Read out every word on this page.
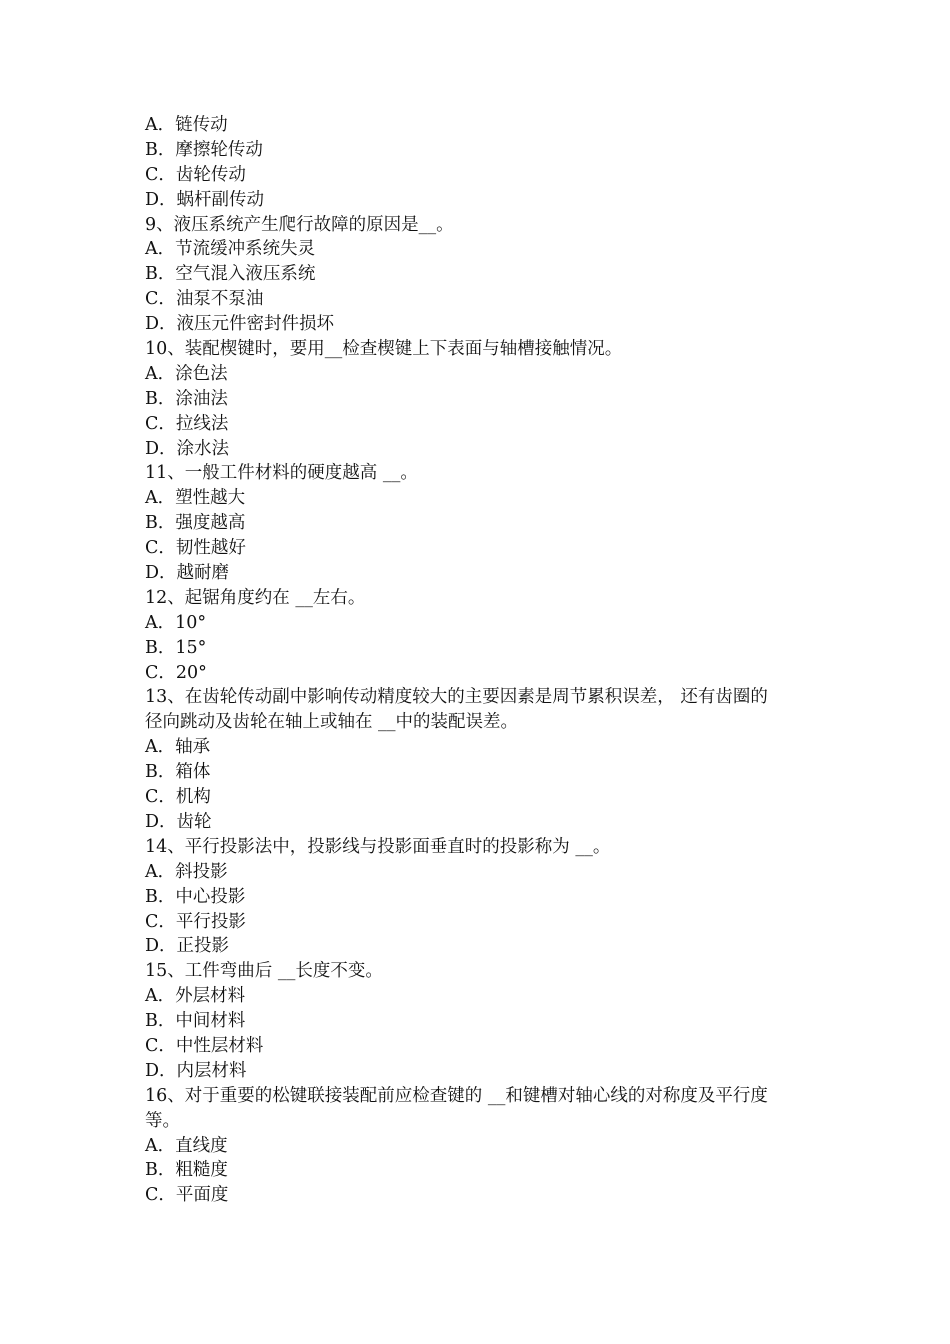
A．链传动
B．摩擦轮传动
C．齿轮传动
D．蜗杆副传动
9、液压系统产生爬行故障的原因是__。
A．节流缓冲系统失灵
B．空气混入液压系统
C．油泵不泵油
D．液压元件密封件损坏
10、装配楔键时，要用__检查楔键上下表面与轴槽接触情况。
A．涂色法
B．涂油法
C．拉线法
D．涂水法
11、一般工件材料的硬度越高 __。
A．塑性越大
B．强度越高
C．韧性越好
D．越耐磨
12、起锯角度约在 __左右。
A．10°
B．15°
C．20°
13、在齿轮传动副中影响传动精度较大的主要因素是周节累积误差， 还有齿圈的
径向跳动及齿轮在轴上或轴在 __中的装配误差。
A．轴承
B．箱体
C．机构
D．齿轮
14、平行投影法中，投影线与投影面垂直时的投影称为 __。
A．斜投影
B．中心投影
C．平行投影
D．正投影
15、工件弯曲后 __长度不变。
A．外层材料
B．中间材料
C．中性层材料
D．内层材料
16、对于重要的松键联接装配前应检查键的 __和键槽对轴心线的对称度及平行度
等。
A．直线度
B．粗糙度
C．平面度
